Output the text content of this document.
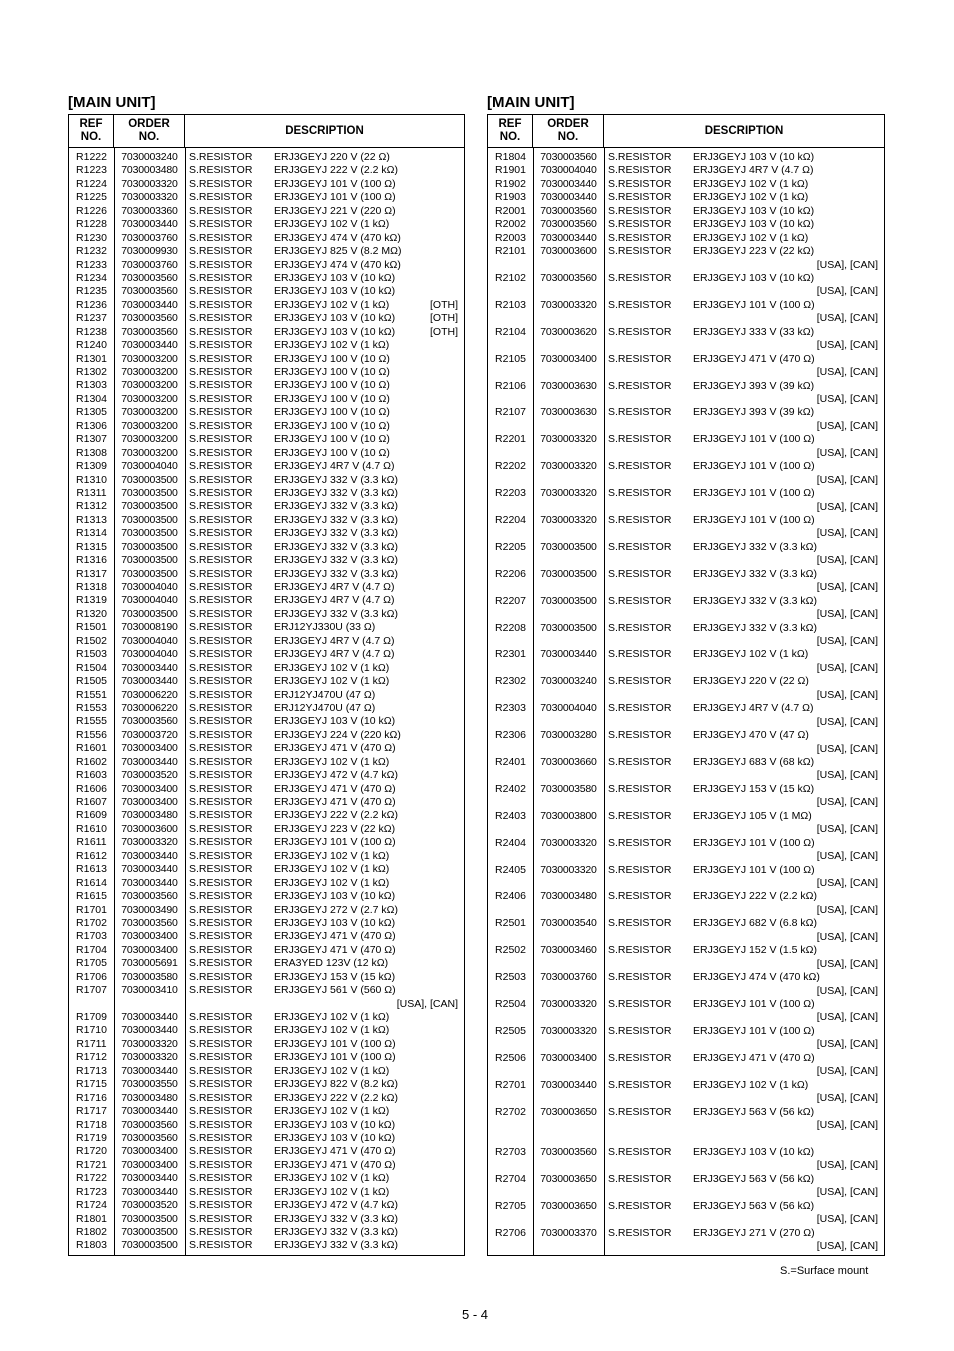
[MAIN UNIT]
REF
NO.
ORDER
NO.
DESCRIPTION
R1222	7030003240	S.RESISTOR	ERJ3GEYJ 220 V (22 Ω)
R1223	7030003480	S.RESISTOR	ERJ3GEYJ 222 V (2.2 kΩ)
R1224	7030003320	S.RESISTOR	ERJ3GEYJ 101 V (100 Ω)
R1225	7030003320	S.RESISTOR	ERJ3GEYJ 101 V (100 Ω)
R1226	7030003360	S.RESISTOR	ERJ3GEYJ 221 V (220 Ω)
R1228	7030003440	S.RESISTOR	ERJ3GEYJ 102 V (1 kΩ)
R1230	7030003760	S.RESISTOR	ERJ3GEYJ 474 V (470 kΩ)
R1232	7030009930	S.RESISTOR	ERJ3GEYJ 825 V (8.2 MΩ)
R1233	7030003760	S.RESISTOR	ERJ3GEYJ 474 V (470 kΩ)
R1234	7030003560	S.RESISTOR	ERJ3GEYJ 103 V (10 kΩ)
R1235	7030003560	S.RESISTOR	ERJ3GEYJ 103 V (10 kΩ)
R1236	7030003440	S.RESISTOR	ERJ3GEYJ 102 V (1 kΩ)	[OTH]
R1237	7030003560	S.RESISTOR	ERJ3GEYJ 103 V (10 kΩ)	[OTH]
R1238	7030003560	S.RESISTOR	ERJ3GEYJ 103 V (10 kΩ)	[OTH]
R1240	7030003440	S.RESISTOR	ERJ3GEYJ 102 V (1 kΩ)
R1301	7030003200	S.RESISTOR	ERJ3GEYJ 100 V (10 Ω)
R1302	7030003200	S.RESISTOR	ERJ3GEYJ 100 V (10 Ω)
R1303	7030003200	S.RESISTOR	ERJ3GEYJ 100 V (10 Ω)
R1304	7030003200	S.RESISTOR	ERJ3GEYJ 100 V (10 Ω)
R1305	7030003200	S.RESISTOR	ERJ3GEYJ 100 V (10 Ω)
R1306	7030003200	S.RESISTOR	ERJ3GEYJ 100 V (10 Ω)
R1307	7030003200	S.RESISTOR	ERJ3GEYJ 100 V (10 Ω)
R1308	7030003200	S.RESISTOR	ERJ3GEYJ 100 V (10 Ω)
R1309	7030004040	S.RESISTOR	ERJ3GEYJ 4R7 V (4.7 Ω)
R1310	7030003500	S.RESISTOR	ERJ3GEYJ 332 V (3.3 kΩ)
R1311	7030003500	S.RESISTOR	ERJ3GEYJ 332 V (3.3 kΩ)
R1312	7030003500	S.RESISTOR	ERJ3GEYJ 332 V (3.3 kΩ)
R1313	7030003500	S.RESISTOR	ERJ3GEYJ 332 V (3.3 kΩ)
R1314	7030003500	S.RESISTOR	ERJ3GEYJ 332 V (3.3 kΩ)
R1315	7030003500	S.RESISTOR	ERJ3GEYJ 332 V (3.3 kΩ)
R1316	7030003500	S.RESISTOR	ERJ3GEYJ 332 V (3.3 kΩ)
R1317	7030003500	S.RESISTOR	ERJ3GEYJ 332 V (3.3 kΩ)
R1318	7030004040	S.RESISTOR	ERJ3GEYJ 4R7 V (4.7 Ω)
R1319	7030004040	S.RESISTOR	ERJ3GEYJ 4R7 V (4.7 Ω)
R1320	7030003500	S.RESISTOR	ERJ3GEYJ 332 V (3.3 kΩ)
R1501	7030008190	S.RESISTOR	ERJ12YJ330U (33 Ω)
R1502	7030004040	S.RESISTOR	ERJ3GEYJ 4R7 V (4.7 Ω)
R1503	7030004040	S.RESISTOR	ERJ3GEYJ 4R7 V (4.7 Ω)
R1504	7030003440	S.RESISTOR	ERJ3GEYJ 102 V (1 kΩ)
R1505	7030003440	S.RESISTOR	ERJ3GEYJ 102 V (1 kΩ)
R1551	7030006220	S.RESISTOR	ERJ12YJ470U (47 Ω)
R1553	7030006220	S.RESISTOR	ERJ12YJ470U (47 Ω)
R1555	7030003560	S.RESISTOR	ERJ3GEYJ 103 V (10 kΩ)
R1556	7030003720	S.RESISTOR	ERJ3GEYJ 224 V (220 kΩ)
R1601	7030003400	S.RESISTOR	ERJ3GEYJ 471 V (470 Ω)
R1602	7030003440	S.RESISTOR	ERJ3GEYJ 102 V (1 kΩ)
R1603	7030003520	S.RESISTOR	ERJ3GEYJ 472 V (4.7 kΩ)
R1606	7030003400	S.RESISTOR	ERJ3GEYJ 471 V (470 Ω)
R1607	7030003400	S.RESISTOR	ERJ3GEYJ 471 V (470 Ω)
R1609	7030003480	S.RESISTOR	ERJ3GEYJ 222 V (2.2 kΩ)
R1610	7030003600	S.RESISTOR	ERJ3GEYJ 223 V (22 kΩ)
R1611	7030003320	S.RESISTOR	ERJ3GEYJ 101 V (100 Ω)
R1612	7030003440	S.RESISTOR	ERJ3GEYJ 102 V (1 kΩ)
R1613	7030003440	S.RESISTOR	ERJ3GEYJ 102 V (1 kΩ)
R1614	7030003440	S.RESISTOR	ERJ3GEYJ 102 V (1 kΩ)
R1615	7030003560	S.RESISTOR	ERJ3GEYJ 103 V (10 kΩ)
R1701	7030003490	S.RESISTOR	ERJ3GEYJ 272 V (2.7 kΩ)
R1702	7030003560	S.RESISTOR	ERJ3GEYJ 103 V (10 kΩ)
R1703	7030003400	S.RESISTOR	ERJ3GEYJ 471 V (470 Ω)
R1704	7030003400	S.RESISTOR	ERJ3GEYJ 471 V (470 Ω)
R1705	7030005691	S.RESISTOR	ERA3YED 123V (12 kΩ)
R1706	7030003580	S.RESISTOR	ERJ3GEYJ 153 V (15 kΩ)
R1707	7030003410	S.RESISTOR	ERJ3GEYJ 561 V (560 Ω)
[USA], [CAN]
R1709	7030003440	S.RESISTOR	ERJ3GEYJ 102 V (1 kΩ)
R1710	7030003440	S.RESISTOR	ERJ3GEYJ 102 V (1 kΩ)
R1711	7030003320	S.RESISTOR	ERJ3GEYJ 101 V (100 Ω)
R1712	7030003320	S.RESISTOR	ERJ3GEYJ 101 V (100 Ω)
R1713	7030003440	S.RESISTOR	ERJ3GEYJ 102 V (1 kΩ)
R1715	7030003550	S.RESISTOR	ERJ3GEYJ 822 V (8.2 kΩ)
R1716	7030003480	S.RESISTOR	ERJ3GEYJ 222 V (2.2 kΩ)
R1717	7030003440	S.RESISTOR	ERJ3GEYJ 102 V (1 kΩ)
R1718	7030003560	S.RESISTOR	ERJ3GEYJ 103 V (10 kΩ)
R1719	7030003560	S.RESISTOR	ERJ3GEYJ 103 V (10 kΩ)
R1720	7030003400	S.RESISTOR	ERJ3GEYJ 471 V (470 Ω)
R1721	7030003400	S.RESISTOR	ERJ3GEYJ 471 V (470 Ω)
R1722	7030003440	S.RESISTOR	ERJ3GEYJ 102 V (1 kΩ)
R1723	7030003440	S.RESISTOR	ERJ3GEYJ 102 V (1 kΩ)
R1724	7030003520	S.RESISTOR	ERJ3GEYJ 472 V (4.7 kΩ)
R1801	7030003500	S.RESISTOR	ERJ3GEYJ 332 V (3.3 kΩ)
R1802	7030003500	S.RESISTOR	ERJ3GEYJ 332 V (3.3 kΩ)
R1803	7030003500	S.RESISTOR	ERJ3GEYJ 332 V (3.3 kΩ)
[MAIN UNIT]
REF
NO.
ORDER
NO.
DESCRIPTION
R1804	7030003560	S.RESISTOR	ERJ3GEYJ 103 V (10 kΩ)
R1901	7030004040	S.RESISTOR	ERJ3GEYJ 4R7 V (4.7 Ω)
R1902	7030003440	S.RESISTOR	ERJ3GEYJ 102 V (1 kΩ)
R1903	7030003440	S.RESISTOR	ERJ3GEYJ 102 V (1 kΩ)
R2001	7030003560	S.RESISTOR	ERJ3GEYJ 103 V (10 kΩ)
R2002	7030003560	S.RESISTOR	ERJ3GEYJ 103 V (10 kΩ)
R2003	7030003440	S.RESISTOR	ERJ3GEYJ 102 V (1 kΩ)
R2101	7030003600	S.RESISTOR	ERJ3GEYJ 223 V (22 kΩ)
[USA], [CAN]
R2102	7030003560	S.RESISTOR	ERJ3GEYJ 103 V (10 kΩ)
[USA], [CAN]
R2103	7030003320	S.RESISTOR	ERJ3GEYJ 101 V (100 Ω)
[USA], [CAN]
R2104	7030003620	S.RESISTOR	ERJ3GEYJ 333 V (33 kΩ)
[USA], [CAN]
R2105	7030003400	S.RESISTOR	ERJ3GEYJ 471 V (470 Ω)
[USA], [CAN]
R2106	7030003630	S.RESISTOR	ERJ3GEYJ 393 V (39 kΩ)
[USA], [CAN]
R2107	7030003630	S.RESISTOR	ERJ3GEYJ 393 V (39 kΩ)
[USA], [CAN]
R2201	7030003320	S.RESISTOR	ERJ3GEYJ 101 V (100 Ω)
[USA], [CAN]
R2202	7030003320	S.RESISTOR	ERJ3GEYJ 101 V (100 Ω)
[USA], [CAN]
R2203	7030003320	S.RESISTOR	ERJ3GEYJ 101 V (100 Ω)
[USA], [CAN]
R2204	7030003320	S.RESISTOR	ERJ3GEYJ 101 V (100 Ω)
[USA], [CAN]
R2205	7030003500	S.RESISTOR	ERJ3GEYJ 332 V (3.3 kΩ)
[USA], [CAN]
R2206	7030003500	S.RESISTOR	ERJ3GEYJ 332 V (3.3 kΩ)
[USA], [CAN]
R2207	7030003500	S.RESISTOR	ERJ3GEYJ 332 V (3.3 kΩ)
[USA], [CAN]
R2208	7030003500	S.RESISTOR	ERJ3GEYJ 332 V (3.3 kΩ)
[USA], [CAN]
R2301	7030003440	S.RESISTOR	ERJ3GEYJ 102 V (1 kΩ)
[USA], [CAN]
R2302	7030003240	S.RESISTOR	ERJ3GEYJ 220 V (22 Ω)
[USA], [CAN]
R2303	7030004040	S.RESISTOR	ERJ3GEYJ 4R7 V (4.7 Ω)
[USA], [CAN]
R2306	7030003280	S.RESISTOR	ERJ3GEYJ 470 V (47 Ω)
[USA], [CAN]
R2401	7030003660	S.RESISTOR	ERJ3GEYJ 683 V (68 kΩ)
[USA], [CAN]
R2402	7030003580	S.RESISTOR	ERJ3GEYJ 153 V (15 kΩ)
[USA], [CAN]
R2403	7030003800	S.RESISTOR	ERJ3GEYJ 105 V (1 MΩ)
[USA], [CAN]
R2404	7030003320	S.RESISTOR	ERJ3GEYJ 101 V (100 Ω)
[USA], [CAN]
R2405	7030003320	S.RESISTOR	ERJ3GEYJ 101 V (100 Ω)
[USA], [CAN]
R2406	7030003480	S.RESISTOR	ERJ3GEYJ 222 V (2.2 kΩ)
[USA], [CAN]
R2501	7030003540	S.RESISTOR	ERJ3GEYJ 682 V (6.8 kΩ)
[USA], [CAN]
R2502	7030003460	S.RESISTOR	ERJ3GEYJ 152 V (1.5 kΩ)
[USA], [CAN]
R2503	7030003760	S.RESISTOR	ERJ3GEYJ 474 V (470 kΩ)
[USA], [CAN]
R2504	7030003320	S.RESISTOR	ERJ3GEYJ 101 V (100 Ω)
[USA], [CAN]
R2505	7030003320	S.RESISTOR	ERJ3GEYJ 101 V (100 Ω)
[USA], [CAN]
R2506	7030003400	S.RESISTOR	ERJ3GEYJ 471 V (470 Ω)
[USA], [CAN]
R2701	7030003440	S.RESISTOR	ERJ3GEYJ 102 V (1 kΩ)
[USA], [CAN]
R2702	7030003650	S.RESISTOR	ERJ3GEYJ 563 V (56 kΩ)
[USA], [CAN]
R2703	7030003560	S.RESISTOR	ERJ3GEYJ 103 V (10 kΩ)
[USA], [CAN]
R2704	7030003650	S.RESISTOR	ERJ3GEYJ 563 V (56 kΩ)
[USA], [CAN]
R2705	7030003650	S.RESISTOR	ERJ3GEYJ 563 V (56 kΩ)
[USA], [CAN]
R2706	7030003370	S.RESISTOR	ERJ3GEYJ 271 V (270 Ω)
[USA], [CAN]
S.=Surface mount
5 - 4
